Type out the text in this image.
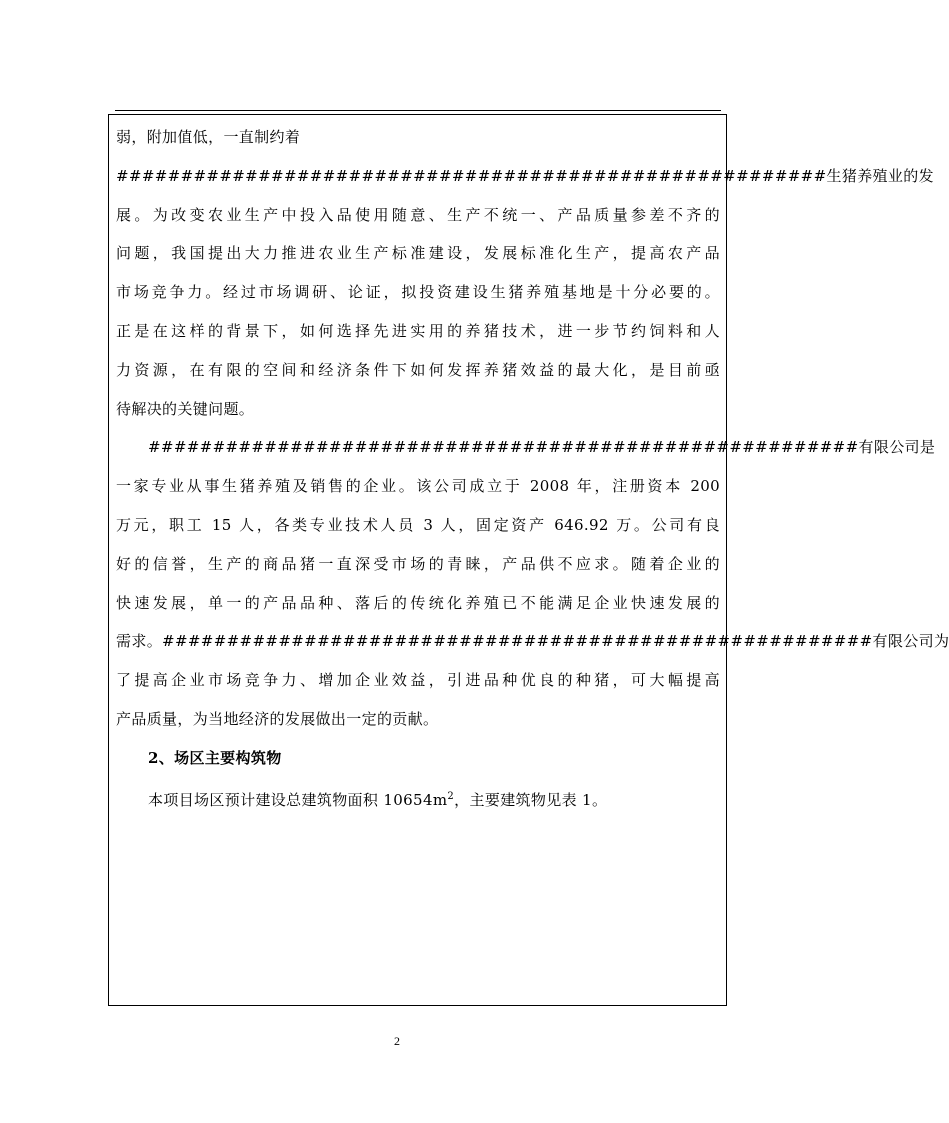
弱，附加值低，一直制约着
#######################################################生猪养殖业的发
展。为改变农业生产中投入品使用随意、生产不统一、产品质量参差不齐的
问题，我国提出大力推进农业生产标准建设，发展标准化生产，提高农产品
市场竞争力。经过市场调研、论证，拟投资建设生猪养殖基地是十分必要的。
正是在这样的背景下，如何选择先进实用的养猪技术，进一步节约饲料和人
力资源，在有限的空间和经济条件下如何发挥养猪效益的最大化，是目前亟
待解决的关键问题。
#######################################################有限公司是
一家专业从事生猪养殖及销售的企业。该公司成立于 2008 年，注册资本 200
万元，职工 15 人，各类专业技术人员 3 人，固定资产 646.92 万。公司有良
好的信誉，生产的商品猪一直深受市场的青睐，产品供不应求。随着企业的
快速发展，单一的产品品种、落后的传统化养殖已不能满足企业快速发展的
需求。#######################################################有限公司为
了提高企业市场竞争力、增加企业效益，引进品种优良的种猪，可大幅提高
产品质量，为当地经济的发展做出一定的贡献。
2、场区主要构筑物
本项目场区预计建设总建筑物面积 $10654m^2$，主要建筑物见表 1。
2
